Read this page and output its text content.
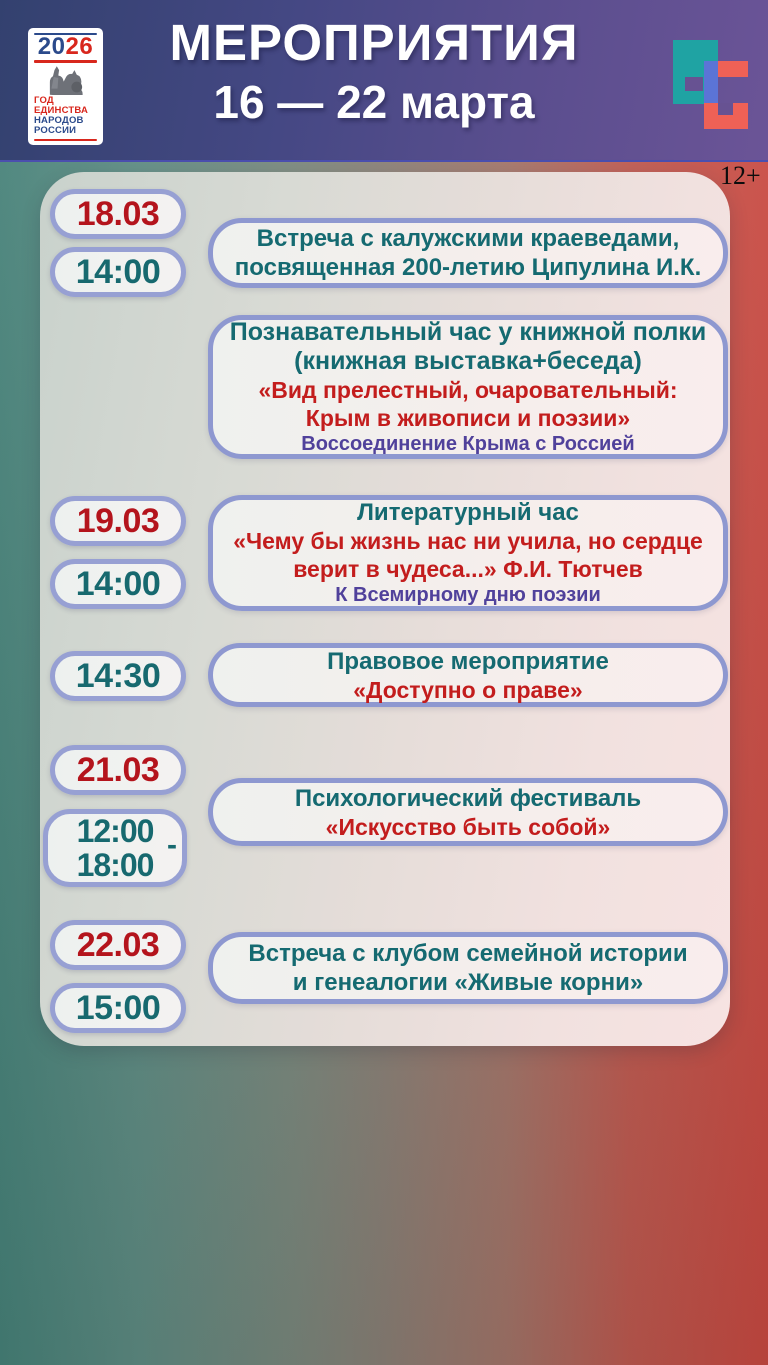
2026
ГОД
ЕДИНСТВА
НАРОДОВ
РОССИИ
МЕРОПРИЯТИЯ
16 — 22 марта
12+
18.03
14:00
Встреча с калужскими краеведами,
посвященная 200-летию Ципулина И.К.
Познавательный час у книжной полки
(книжная выставка+беседа)
«Вид прелестный, очаровательный:
Крым в живописи и поэзии»
Воссоединение Крыма с Россией
19.03
14:00
Литературный час
«Чему бы жизнь нас ни учила, но сердце
верит в чудеса...» Ф.И. Тютчев
К Всемирному дню поэзии
14:30	Правовое мероприятие
«Доступно о праве»
21.03
12:00
18:00
-
Психологический фестиваль
«Искусство быть собой»
22.03
15:00
Встреча с клубом семейной истории
и генеалогии «Живые корни»
